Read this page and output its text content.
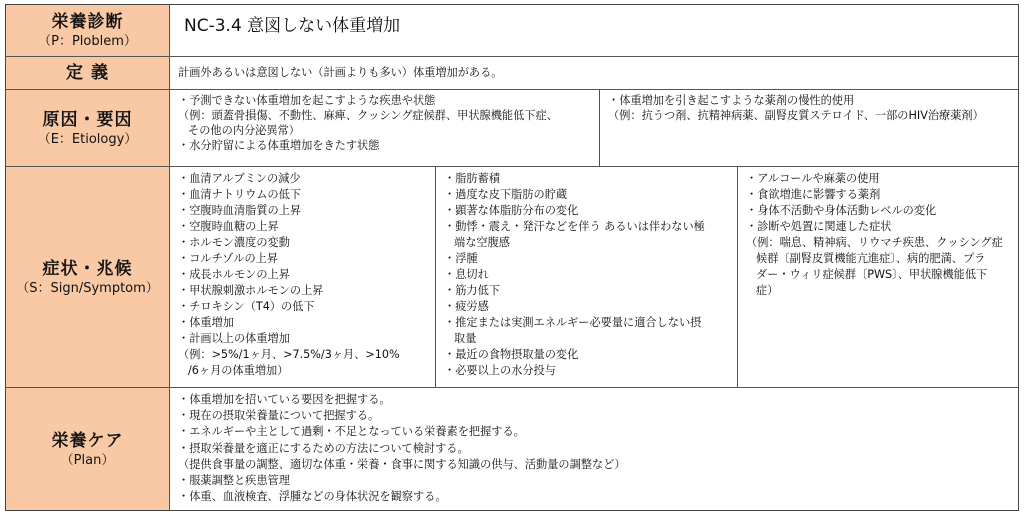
栄養診断
（P：Ploblem）
NC-3.4 意図しない体重増加
定 義	計画外あるいは意図しない（計画よりも多い）体重増加がある。
原因・要因
（E：Etiology）
・予測できない体重増加を起こすような疾患や状態
（例：頭蓋骨損傷、不動性、麻痺、クッシング症候群、甲状腺機能低下症、
その他の内分泌異常）
・水分貯留による体重増加をきたす状態
・体重増加を引き起こすような薬剤の慢性的使用
（例：抗うつ剤、抗精神病薬、副腎皮質ステロイド、一部のHIV治療薬剤）
症状・兆候
（S：Sign/Symptom）
・血清アルブミンの減少
・血清ナトリウムの低下
・空腹時血清脂質の上昇
・空腹時血糖の上昇
・ホルモン濃度の変動
・コルチゾルの上昇
・成長ホルモンの上昇
・甲状腺刺激ホルモンの上昇
・チロキシン（T4）の低下
・体重増加
・計画以上の体重増加
（例：>5%/1ヶ月、>7.5%/3ヶ月、>10%
/6ヶ月の体重増加）
・脂肪蓄積
・過度な皮下脂肪の貯蔵
・顕著な体脂肪分布の変化
・動悸・震え・発汗などを伴う あるいは伴わない極
端な空腹感
・浮腫
・息切れ
・筋力低下
・疲労感
・推定または実測エネルギー必要量に適合しない摂
取量
・最近の食物摂取量の変化
・必要以上の水分投与
・アルコールや麻薬の使用
・食欲増進に影響する薬剤
・身体不活動や身体活動レベルの変化
・診断や処置に関連した症状
（例：喘息、精神病、リウマチ疾患、クッシング症
候群〔副腎皮質機能亢進症〕、病的肥満、プラ
ダー・ウィリ症候群〔PWS〕、甲状腺機能低下
症）
栄養ケア
（Plan）
・体重増加を招いている要因を把握する。
・現在の摂取栄養量について把握する。
・エネルギーや主として過剰・不足となっている栄養素を把握する。
・摂取栄養量を適正にするための方法について検討する。
（提供食事量の調整、適切な体重・栄養・食事に関する知識の供与、活動量の調整など）
・服薬調整と疾患管理
・体重、血液検査、浮腫などの身体状況を観察する。
